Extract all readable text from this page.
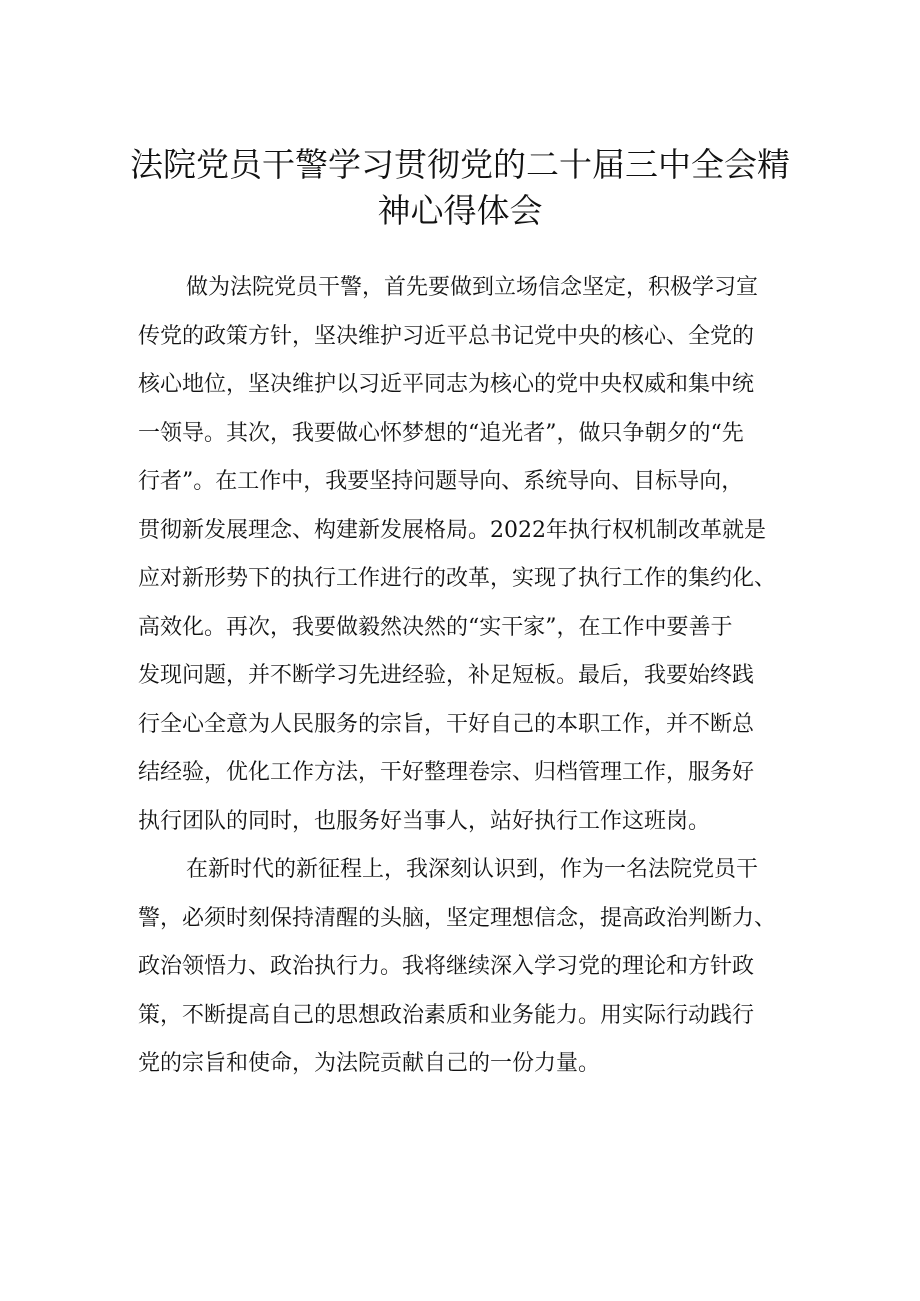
法院党员干警学习贯彻党的二十届三中全会精
神心得体会

做为法院党员干警，首先要做到立场信念坚定，积极学习宣
传党的政策方针，坚决维护习近平总书记党中央的核心、全党的
核心地位，坚决维护以习近平同志为核心的党中央权威和集中统
一领导。其次，我要做心怀梦想的“追光者”，做只争朝夕的“先
行者”。在工作中，我要坚持问题导向、系统导向、目标导向，
贯彻新发展理念、构建新发展格局。2022年执行权机制改革就是
应对新形势下的执行工作进行的改革，实现了执行工作的集约化、
高效化。再次，我要做毅然决然的“实干家”，在工作中要善于
发现问题，并不断学习先进经验，补足短板。最后，我要始终践
行全心全意为人民服务的宗旨，干好自己的本职工作，并不断总
结经验，优化工作方法，干好整理卷宗、归档管理工作，服务好
执行团队的同时，也服务好当事人，站好执行工作这班岗。

在新时代的新征程上，我深刻认识到，作为一名法院党员干
警，必须时刻保持清醒的头脑，坚定理想信念，提高政治判断力、
政治领悟力、政治执行力。我将继续深入学习党的理论和方针政
策，不断提高自己的思想政治素质和业务能力。用实际行动践行
党的宗旨和使命，为法院贡献自己的一份力量。
